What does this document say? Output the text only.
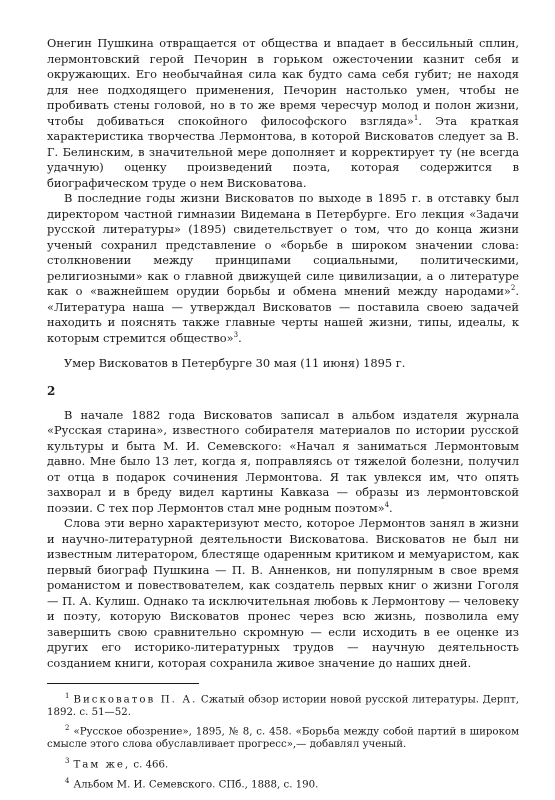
Онегин Пушкина отвращается от общества и впадает в бессильный сплин, лермонтовский герой Печорин в горьком ожесточении казнит себя и окружающих. Его необычайная сила как будто сама себя губит; не находя для нее подходящего применения, Печорин настолько умен, чтобы не пробивать стены головой, но в то же время чересчур молод и полон жизни, чтобы добиваться спокойного философского взгляда»$^1$. Эта краткая характеристика творчества Лермонтова, в которой Висковатов следует за В. Г. Белинским, в значительной мере дополняет и корректирует ту (не всегда удачную) оценку произведений поэта, которая содержится в биографическом труде о нем Висковатова.

В последние годы жизни Висковатов по выходе в 1895 г. в отставку был директором частной гимназии Видемана в Петербурге. Его лекция «Задачи русской литературы» (1895) свидетельствует о том, что до конца жизни ученый сохранил представление о «борьбе в широком значении слова: столкновении между принципами социальными, политическими, религиозными» как о главной движущей силе цивилизации, а о литературе как о «важнейшем орудии борьбы и обмена мнений между народами»$^2$. «Литература наша — утверждал Висковатов — поставила своею задачей находить и пояснять также главные черты нашей жизни, типы, идеалы, к которым стремится общество»$^3$.

Умер Висковатов в Петербурге 30 мая (11 июня) 1895 г.

2

В начале 1882 года Висковатов записал в альбом издателя журнала «Русская старина», известного собирателя материалов по истории русской культуры и быта М. И. Семевского: «Начал я заниматься Лермонтовым давно. Мне было 13 лет, когда я, поправляясь от тяжелой болезни, получил от отца в подарок сочинения Лермонтова. Я так увлекся им, что опять захворал и в бреду видел картины Кавказа — образы из лермонтовской поэзии. С тех пор Лермонтов стал мне родным поэтом»$^4$.

Слова эти верно характеризуют место, которое Лермонтов занял в жизни и научно-литературной деятельности Висковатова. Висковатов не был ни известным литератором, блестяще одаренным критиком и мемуаристом, как первый биограф Пушкина — П. В. Анненков, ни популярным в свое время романистом и повествователем, как создатель первых книг о жизни Гоголя — П. А. Кулиш. Однако та исключительная любовь к Лермонтову — человеку и поэту, которую Висковатов пронес через всю жизнь, позволила ему завершить свою сравнительно скромную — если исходить в ее оценке из других его историко-литературных трудов — научную деятельность созданием книги, которая сохранила живое значение до наших дней.

$^1$ Висковатов П. А. Сжатый обзор истории новой русской литературы. Дерпт, 1892. с. 51—52.

$^2$ «Русское обозрение», 1895, № 8, с. 458. «Борьба между собой партий в широком смысле этого слова обуславливает прогресс»,— добавлял ученый.

$^3$ Там же, с. 466.

$^4$ Альбом М. И. Семевского. СПб., 1888, с. 190.
